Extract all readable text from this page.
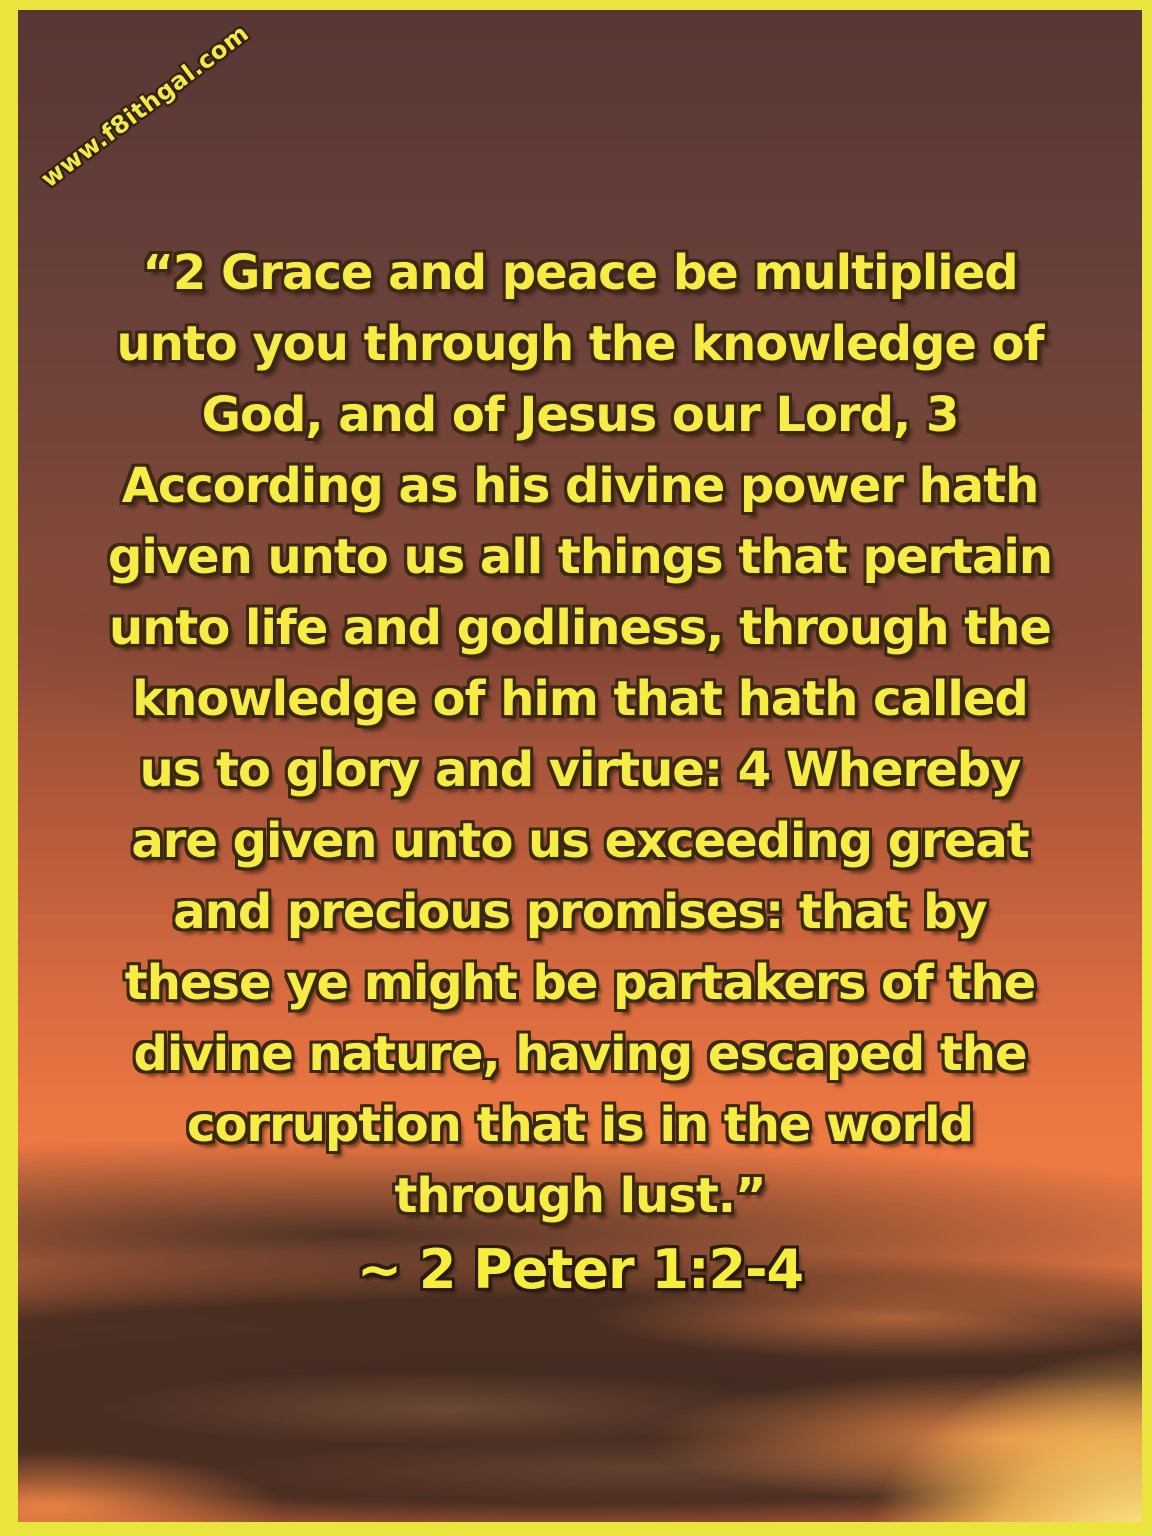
www.f8ithgal.com
“2 Grace and peace be multiplied
unto you through the knowledge of
God, and of Jesus our Lord, 3
According as his divine power hath
given unto us all things that pertain
unto life and godliness, through the
knowledge of him that hath called
us to glory and virtue: 4 Whereby
are given unto us exceeding great
and precious promises: that by
these ye might be partakers of the
divine nature, having escaped the
corruption that is in the world
through lust.”
~ 2 Peter 1:2-4
